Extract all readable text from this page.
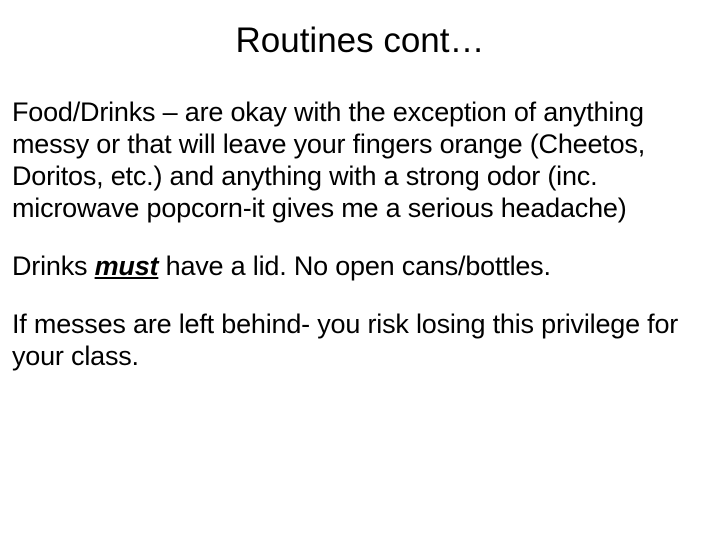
Routines cont…

Food/Drinks – are okay with the exception of anything messy or that will leave your fingers orange (Cheetos, Doritos, etc.) and anything with a strong odor (inc. microwave popcorn-it gives me a serious headache)

Drinks must have a lid. No open cans/bottles.

If messes are left behind- you risk losing this privilege for your class.
